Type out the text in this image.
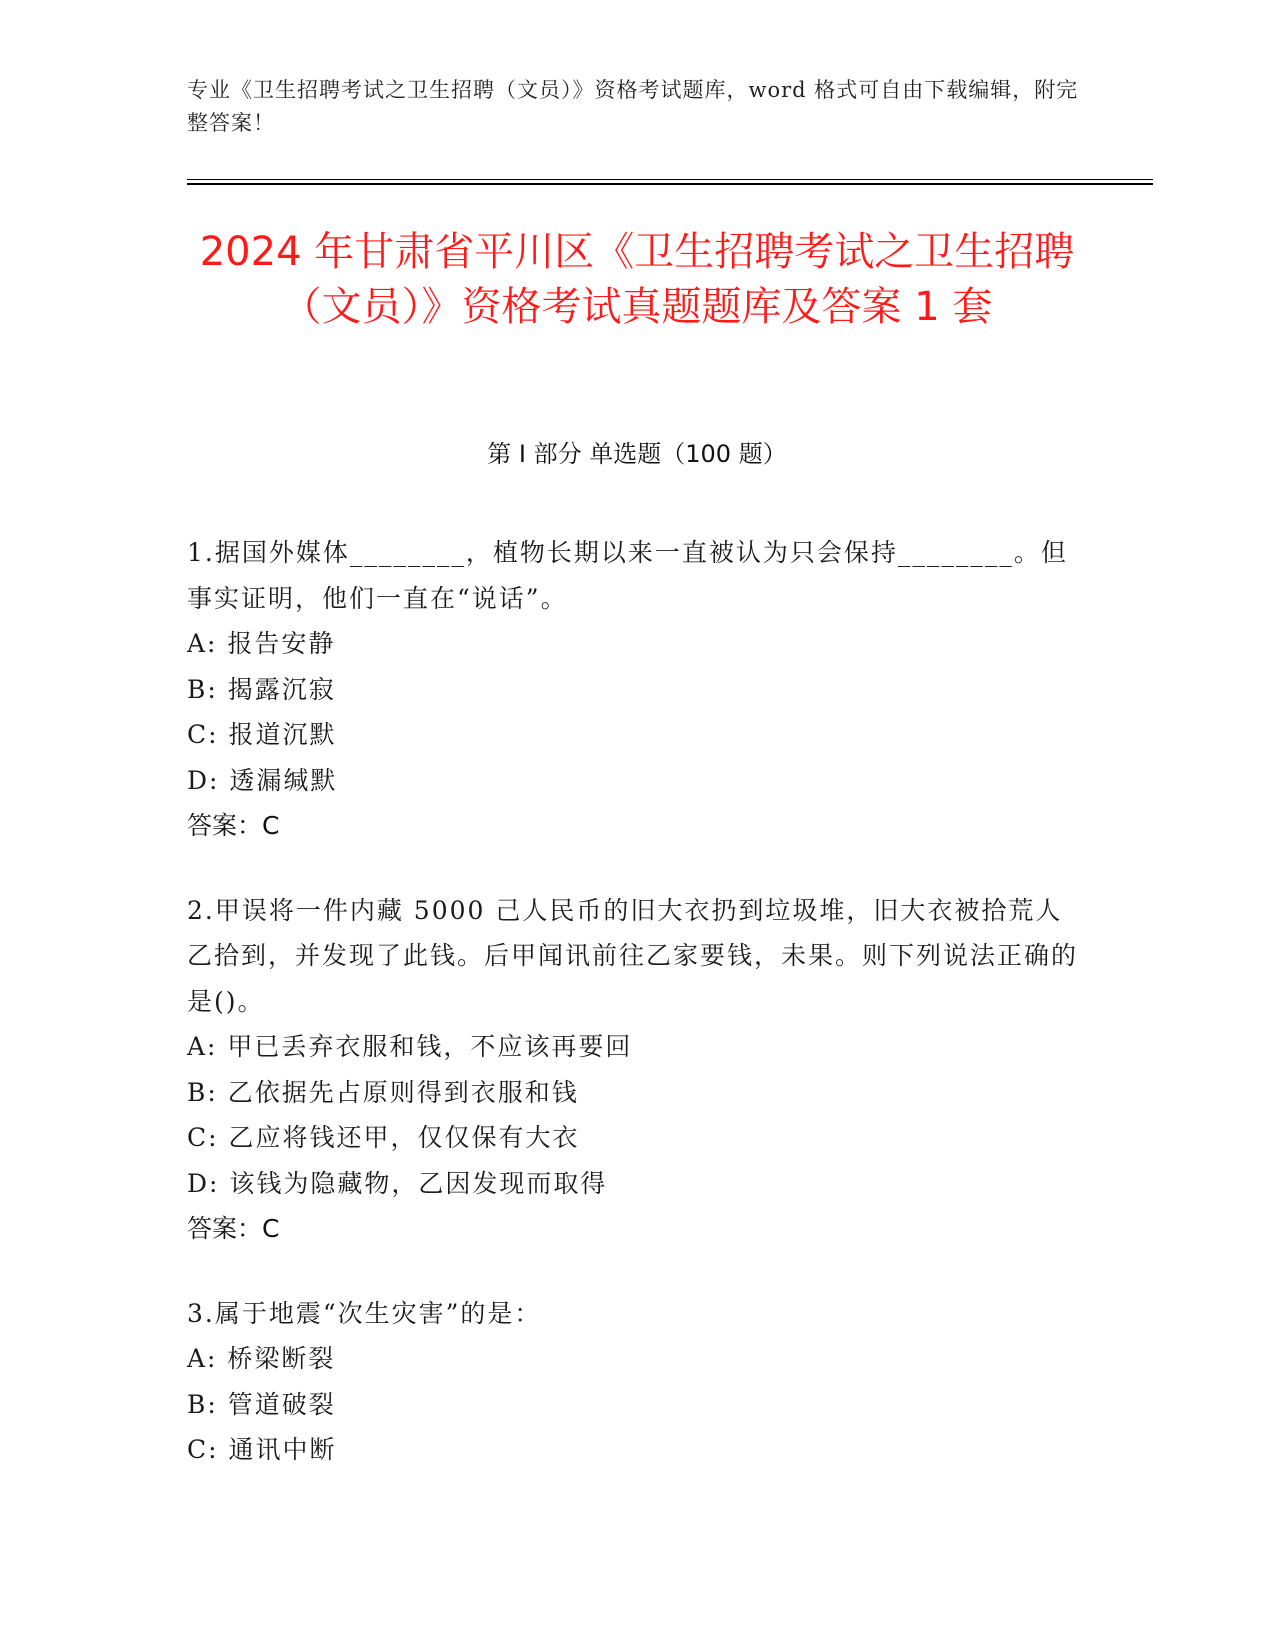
专业《卫生招聘考试之卫生招聘（文员）》资格考试题库，word 格式可自由下载编辑，附完整答案！
2024 年甘肃省平川区《卫生招聘考试之卫生招聘（文员）》资格考试真题题库及答案 1 套
第 I 部分 单选题（100 题）
1.据国外媒体________，植物长期以来一直被认为只会保持________。但事实证明，他们一直在“说话”。
A: 报告安静
B: 揭露沉寂
C: 报道沉默
D: 透漏缄默
答案：C
2.甲误将一件内藏 5000 己人民币的旧大衣扔到垃圾堆，旧大衣被拾荒人乙拾到，并发现了此钱。后甲闻讯前往乙家要钱，未果。则下列说法正确的是()。
A: 甲已丢弃衣服和钱，不应该再要回
B: 乙依据先占原则得到衣服和钱
C: 乙应将钱还甲，仅仅保有大衣
D: 该钱为隐藏物，乙因发现而取得
答案：C
3.属于地震“次生灾害”的是：
A: 桥梁断裂
B: 管道破裂
C: 通讯中断
